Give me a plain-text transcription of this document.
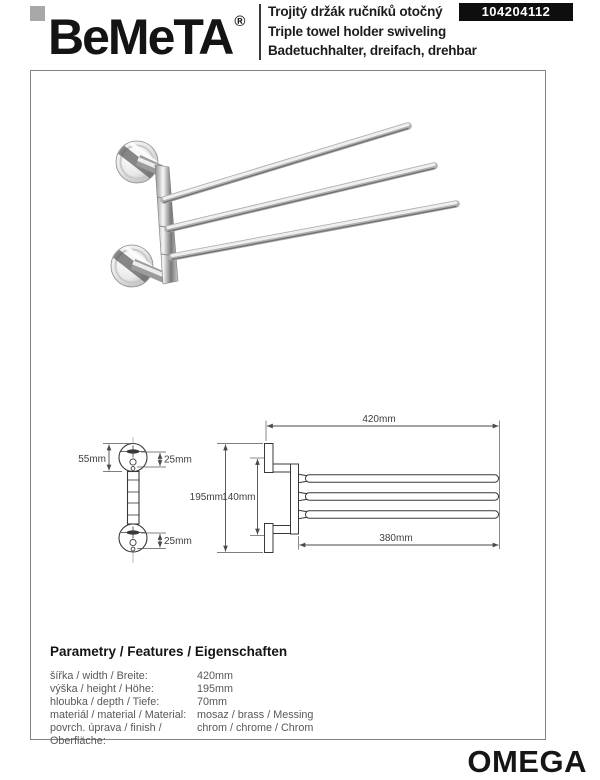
BeMeTA ®
Trojitý držák ručníků otočný
Triple towel holder swiveling
Badetuchhalter, dreifach, drehbar
104204112
55mm	25mm
25mm
420mm
380mm
195mm 140mm
Parametry / Features / Eigenschaften
šířka / width / Breite:	420mm
výška / height / Höhe:	195mm
hloubka / depth / Tiefe:	70mm
materiál / material / Material: mosaz / brass / Messing
povrch. úprava / finish / Oberfläche:
chrom / chrome / Chrom
OMEGA
